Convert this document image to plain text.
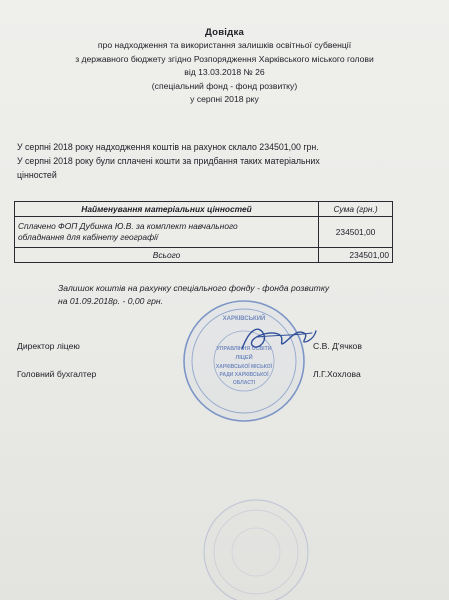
Довідка
про надходження та використання залишків освітньої субвенції
з державного бюджету згідно Розпорядження Харківського міського голови
від 13.03.2018 № 26
(спеціальний фонд - фонд розвитку)
у серпні 2018 рку
У серпні 2018 року надходження коштів на рахунок склало 234501,00 грн.
У серпні 2018 року були сплачені кошти за придбання таких матеріальних
цінностей
Найменування матеріальних цінностей	Сума (грн.)

Сплачено ФОП Дубинка Ю.В. за комплект навчального
обладнання для кабінету географії	234501,00
Всього	234501,00
Залишок коштів на рахунку спеціального фонду - фонда розвитку
на 01.09.2018р. - 0,00 грн.
ХАРКІВСЬКИЙ
УПРАВЛІННЯ ОСВІТИ
ЛІЦЕЙ
ХАРКІВСЬКОЇ МІСЬКОЇ
РАДИ ХАРКІВСЬКОЇ
ОБЛАСТІ
Директор ліцею	С.В. Д'ячков
Головний бухгалтер	Л.Г.Хохлова
